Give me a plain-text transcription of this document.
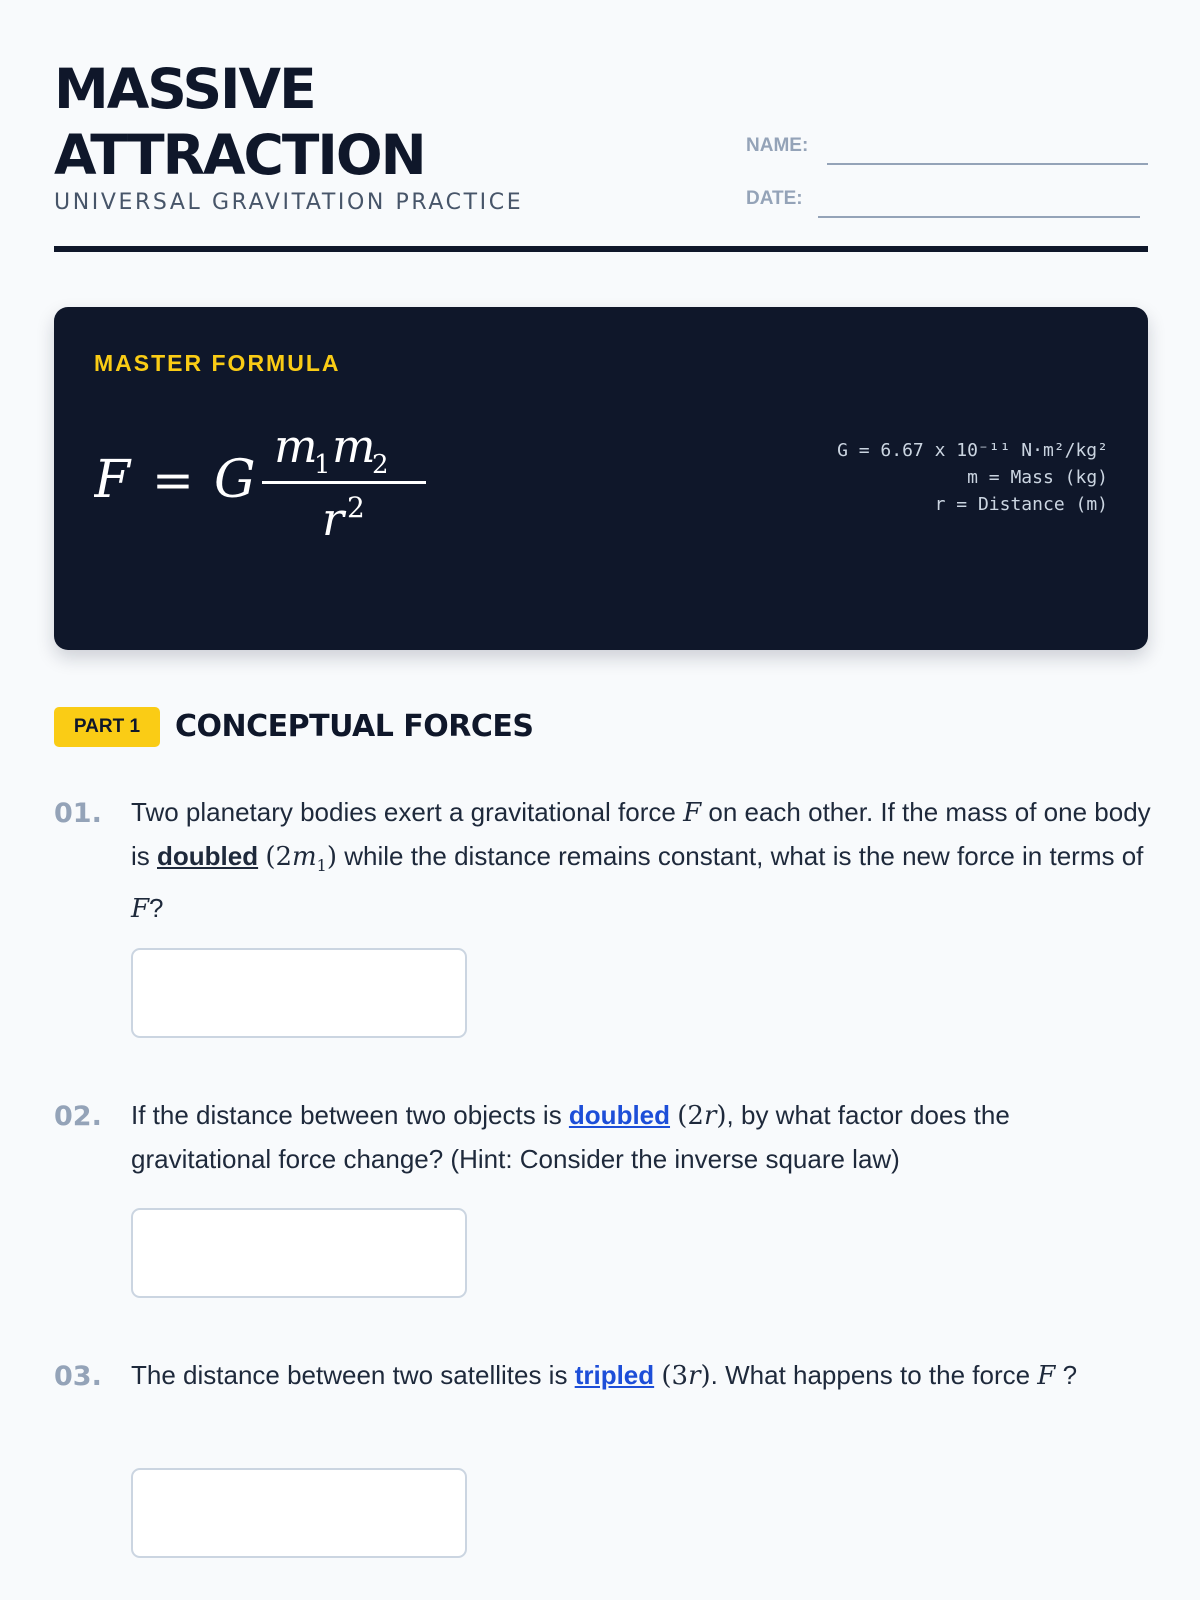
MASSIVE
ATTRACTION
UNIVERSAL GRAVITATION PRACTICE
NAME:
DATE:
MASTER FORMULA
F = G
m
1 m
2
r 2
G = 6.67 x 10⁻¹¹ N·m²/kg²
m = Mass (kg)
r = Distance (m)
PART 1	CONCEPTUAL FORCES
01. Two planetary bodies exert a gravitational force F on each other. If the mass of one body is doubled $(2m_1)$ while the distance remains constant, what is the new force in terms of F?
02. If the distance between two objects is doubled (2r), by what factor does the gravitational force change? (Hint: Consider the inverse square law)
03. The distance between two satellites is tripled (3r). What happens to the force F ?
